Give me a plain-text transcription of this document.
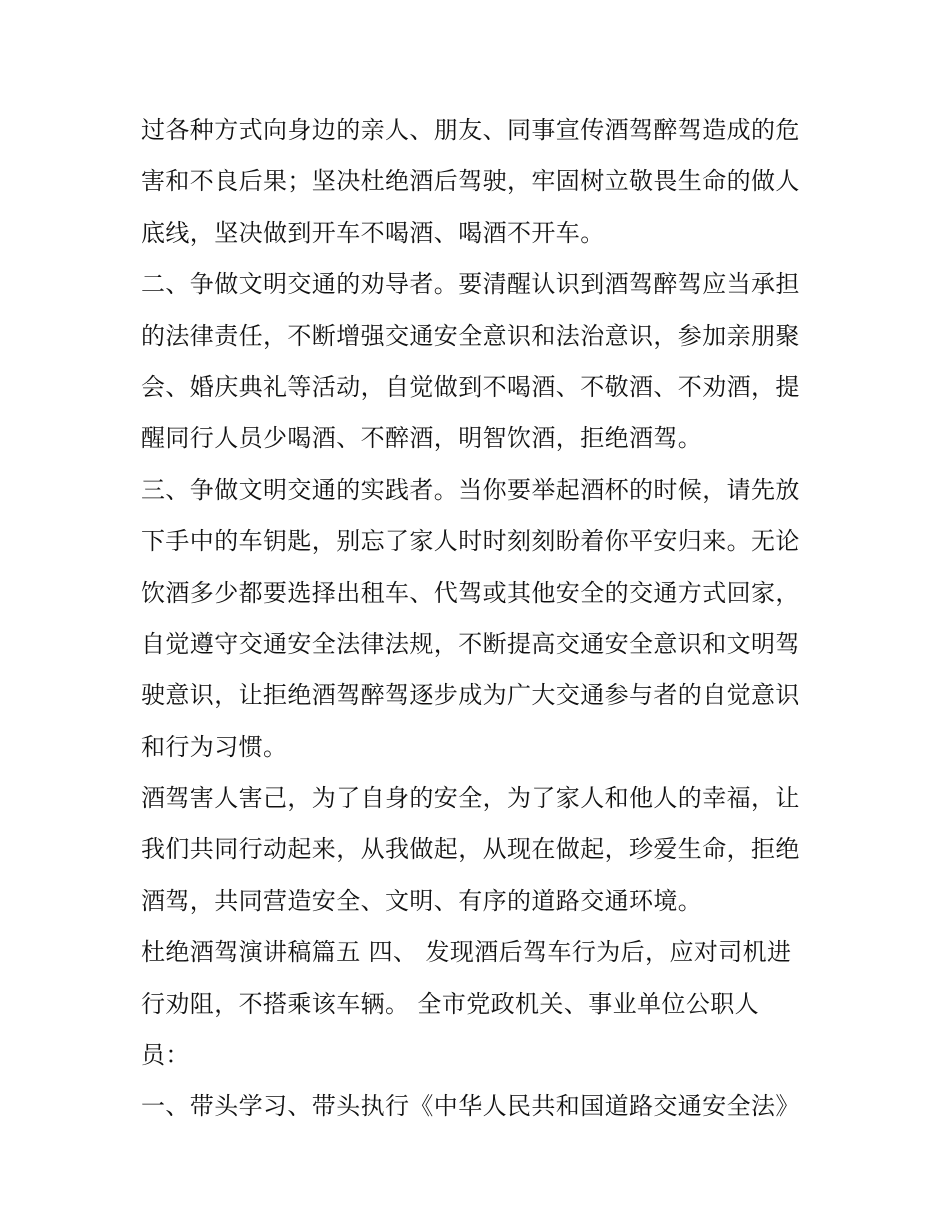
过各种方式向身边的亲人、朋友、同事宣传酒驾醉驾造成的危
害和不良后果；坚决杜绝酒后驾驶，牢固树立敬畏生命的做人
底线，坚决做到开车不喝酒、喝酒不开车。
二、争做文明交通的劝导者。要清醒认识到酒驾醉驾应当承担
的法律责任，不断增强交通安全意识和法治意识，参加亲朋聚
会、婚庆典礼等活动，自觉做到不喝酒、不敬酒、不劝酒，提
醒同行人员少喝酒、不醉酒，明智饮酒，拒绝酒驾。
三、争做文明交通的实践者。当你要举起酒杯的时候，请先放
下手中的车钥匙，别忘了家人时时刻刻盼着你平安归来。无论
饮酒多少都要选择出租车、代驾或其他安全的交通方式回家，
自觉遵守交通安全法律法规，不断提高交通安全意识和文明驾
驶意识，让拒绝酒驾醉驾逐步成为广大交通参与者的自觉意识
和行为习惯。
酒驾害人害己，为了自身的安全，为了家人和他人的幸福，让
我们共同行动起来，从我做起，从现在做起，珍爱生命，拒绝
酒驾，共同营造安全、文明、有序的道路交通环境。
杜绝酒驾演讲稿篇五 四、 发现酒后驾车行为后，应对司机进
行劝阻，不搭乘该车辆。 全市党政机关、事业单位公职人
员：
一、带头学习、带头执行《中华人民共和国道路交通安全法》
